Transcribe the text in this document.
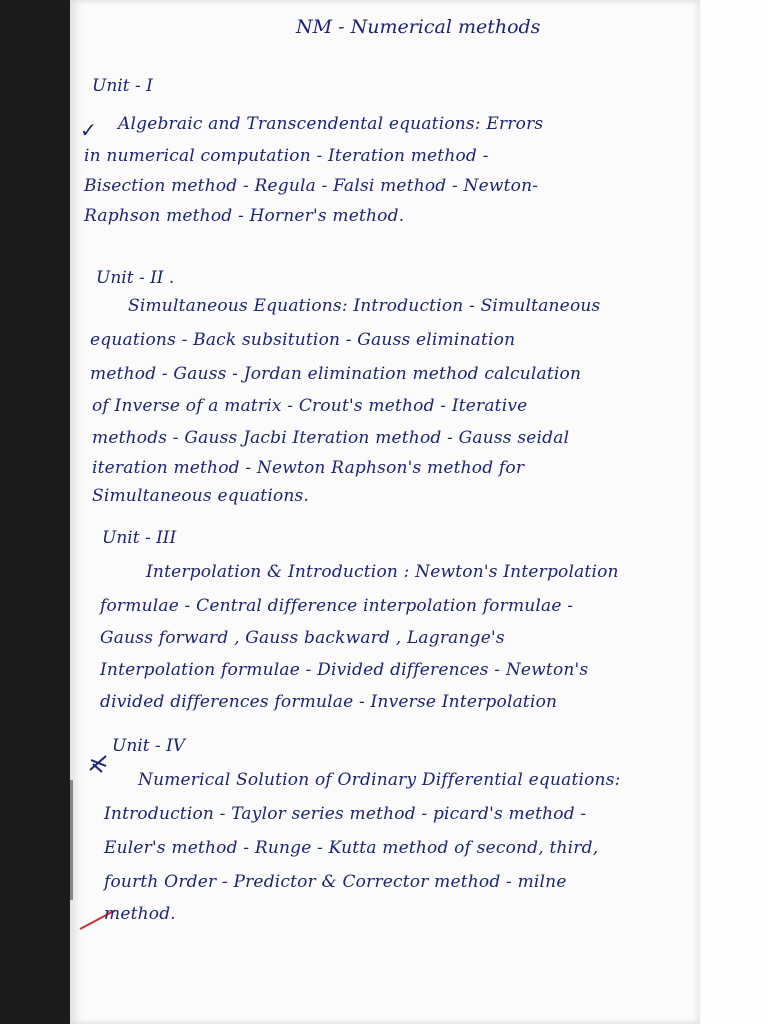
NM - Numerical methods
Unit - I
✓ Algebraic and Transcendental equations: Errors
in numerical computation - Iteration method -
Bisection method - Regula - Falsi method - Newton-
Raphson method - Horner's method.
Unit - II .
Simultaneous Equations: Introduction - Simultaneous
equations - Back subsitution - Gauss elimination
method - Gauss - Jordan elimination method calculation
of Inverse of a matrix - Crout's method - Iterative
methods - Gauss Jacbi Iteration method - Gauss seidal
iteration method - Newton Raphson's method for
Simultaneous equations.
Unit - III
Interpolation & Introduction : Newton's Interpolation
formulae - Central difference interpolation formulae -
Gauss forward , Gauss backward , Lagrange's
Interpolation formulae - Divided differences - Newton's
divided differences formulae - Inverse Interpolation
Unit - IV
Numerical Solution of Ordinary Differential equations:
Introduction - Taylor series method - picard's method -
Euler's method - Runge - Kutta method of second, third,
fourth Order - Predictor & Corrector method - milne
method.
